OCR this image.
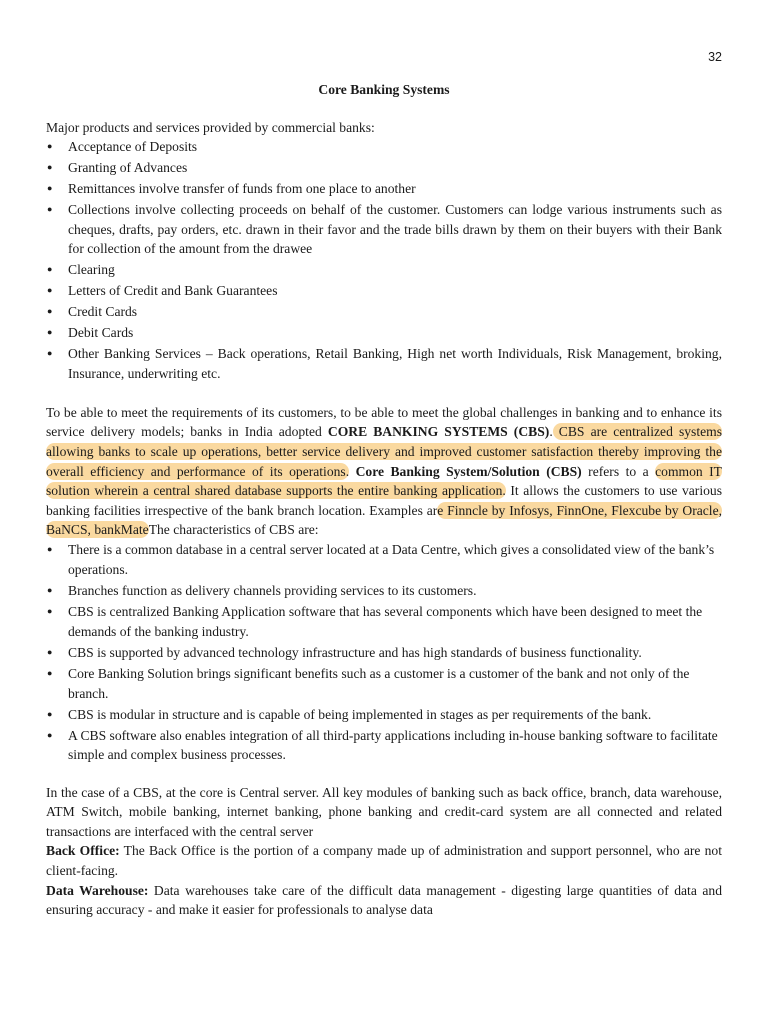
32
Core Banking Systems

Major products and services provided by commercial banks:

● Acceptance of Deposits
● Granting of Advances
● Remittances involve transfer of funds from one place to another
● Collections involve collecting proceeds on behalf of the customer. Customers can lodge various instruments such as cheques, drafts, pay orders, etc. drawn in their favor and the trade bills drawn by them on their buyers with their Bank for collection of the amount from the drawee
● Clearing
● Letters of Credit and Bank Guarantees
● Credit Cards
● Debit Cards
● Other Banking Services – Back operations, Retail Banking, High net worth Individuals, Risk Management, broking, Insurance, underwriting etc.

To be able to meet the requirements of its customers, to be able to meet the global challenges in banking and to enhance its service delivery models; banks in India adopted CORE BANKING SYSTEMS (CBS). CBS are centralized systems allowing banks to scale up operations, better service delivery and improved customer satisfaction thereby improving the overall efficiency and performance of its operations. Core Banking System/Solution (CBS) refers to a common IT solution wherein a central shared database supports the entire banking application. It allows the customers to use various banking facilities irrespective of the bank branch location. Examples are Finncle by Infosys, FinnOne, Flexcube by Oracle, BaNCS, bankMateThe characteristics of CBS are:

● There is a common database in a central server located at a Data Centre, which gives a consolidated view of the bank’s operations.
● Branches function as delivery channels providing services to its customers.
● CBS is centralized Banking Application software that has several components which have been designed to meet the demands of the banking industry.
● CBS is supported by advanced technology infrastructure and has high standards of business functionality.
● Core Banking Solution brings significant benefits such as a customer is a customer of the bank and not only of the branch.
● CBS is modular in structure and is capable of being implemented in stages as per requirements of the bank.
● A CBS software also enables integration of all third-party applications including in-house banking software to facilitate simple and complex business processes.

In the case of a CBS, at the core is Central server. All key modules of banking such as back office, branch, data warehouse, ATM Switch, mobile banking, internet banking, phone banking and credit-card system are all connected and related transactions are interfaced with the central server

Back Office: The Back Office is the portion of a company made up of administration and support personnel, who are not client-facing.

Data Warehouse: Data warehouses take care of the difficult data management - digesting large quantities of data and ensuring accuracy - and make it easier for professionals to analyse data
